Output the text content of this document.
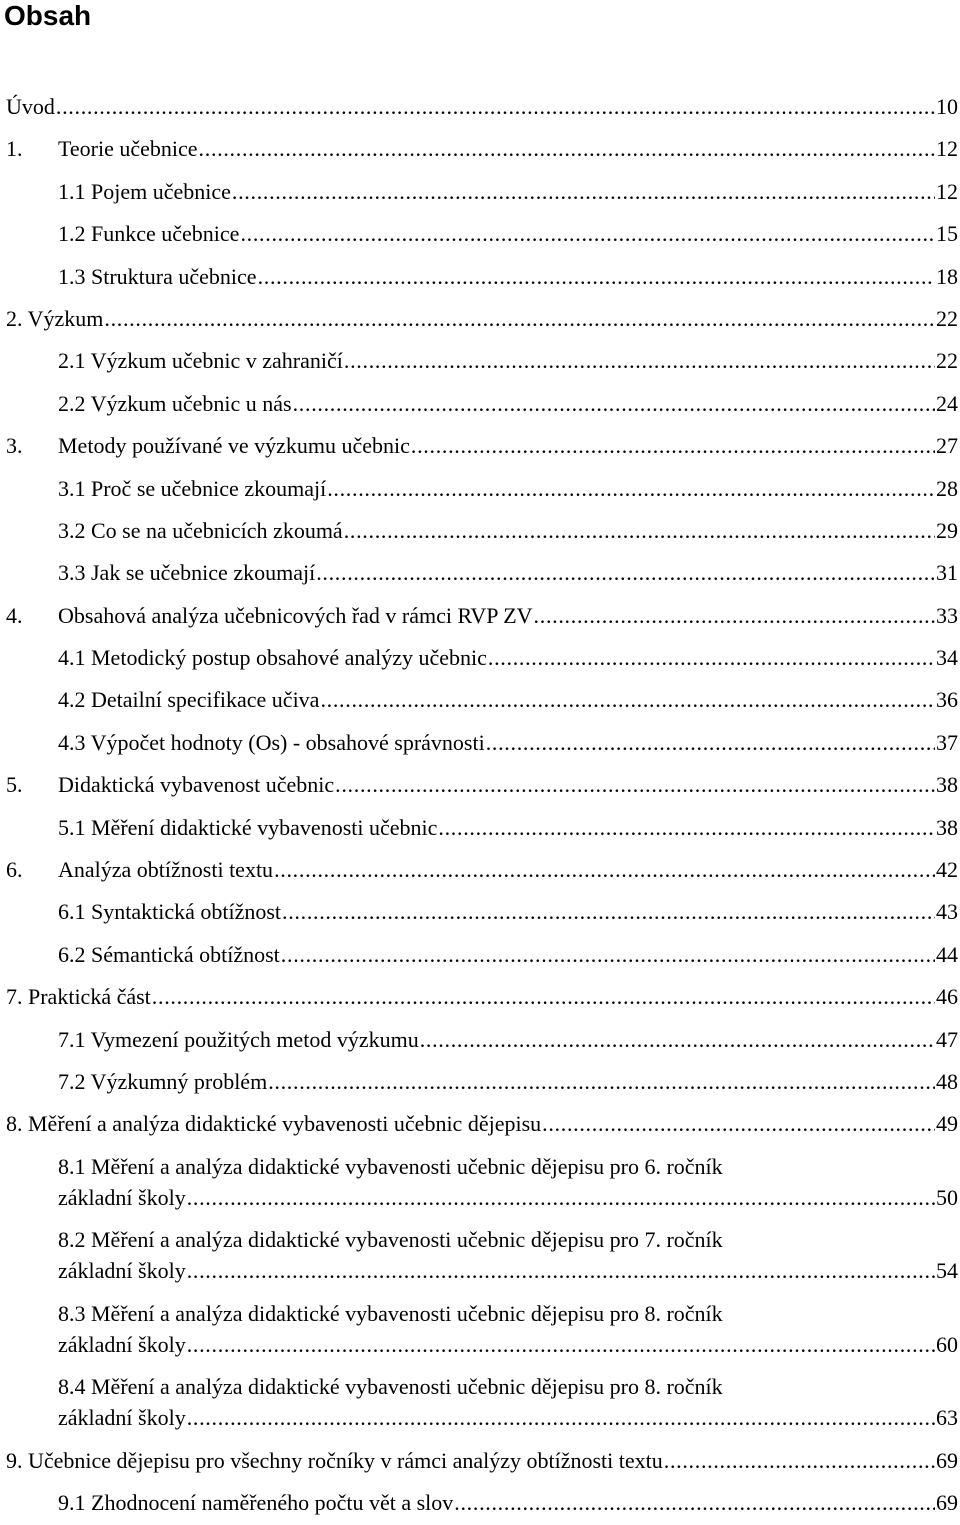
Obsah
Úvod . . .	10
1. Teorie učebnice . . .	12
1.1 Pojem učebnice . . .	12
1.2 Funkce učebnice . . .	15
1.3 Struktura učebnice . . .	18
2. Výzkum . . .	22
2.1 Výzkum učebnic v zahraničí . . .	22
2.2 Výzkum učebnic u nás . . .	24
3. Metody používané ve výzkumu učebnic . . .	27
3.1 Proč se učebnice zkoumají . . .	28
3.2 Co se na učebnicích zkoumá . . .	29
3.3 Jak se učebnice zkoumají . . .	31
4. Obsahová analýza učebnicových řad v rámci RVP ZV . . .	33
4.1 Metodický postup obsahové analýzy učebnic . . .	34
4.2 Detailní specifikace učiva . . .	36
4.3 Výpočet hodnoty (Os) - obsahové správnosti . . .	37
5. Didaktická vybavenost učebnic . . .	38
5.1 Měření didaktické vybavenosti učebnic . . .	38
6. Analýza obtížnosti textu . . .	42
6.1 Syntaktická obtížnost . . .	43
6.2 Sémantická obtížnost . . .	44
7. Praktická část . . .	46
7.1 Vymezení použitých metod výzkumu . . .	47
7.2 Výzkumný problém . . .	48
8. Měření a analýza didaktické vybavenosti učebnic dějepisu . . .	49
8.1 Měření a analýza didaktické vybavenosti učebnic dějepisu pro 6. ročník
základní školy . . .	50
8.2 Měření a analýza didaktické vybavenosti učebnic dějepisu pro 7. ročník
základní školy . . .	54
8.3 Měření a analýza didaktické vybavenosti učebnic dějepisu pro 8. ročník
základní školy . . .	60
8.4 Měření a analýza didaktické vybavenosti učebnic dějepisu pro 8. ročník
základní školy . . .	63
9. Učebnice dějepisu pro všechny ročníky v rámci analýzy obtížnosti textu . . .	69
9.1 Zhodnocení naměřeného počtu vět a slov . . .	69
